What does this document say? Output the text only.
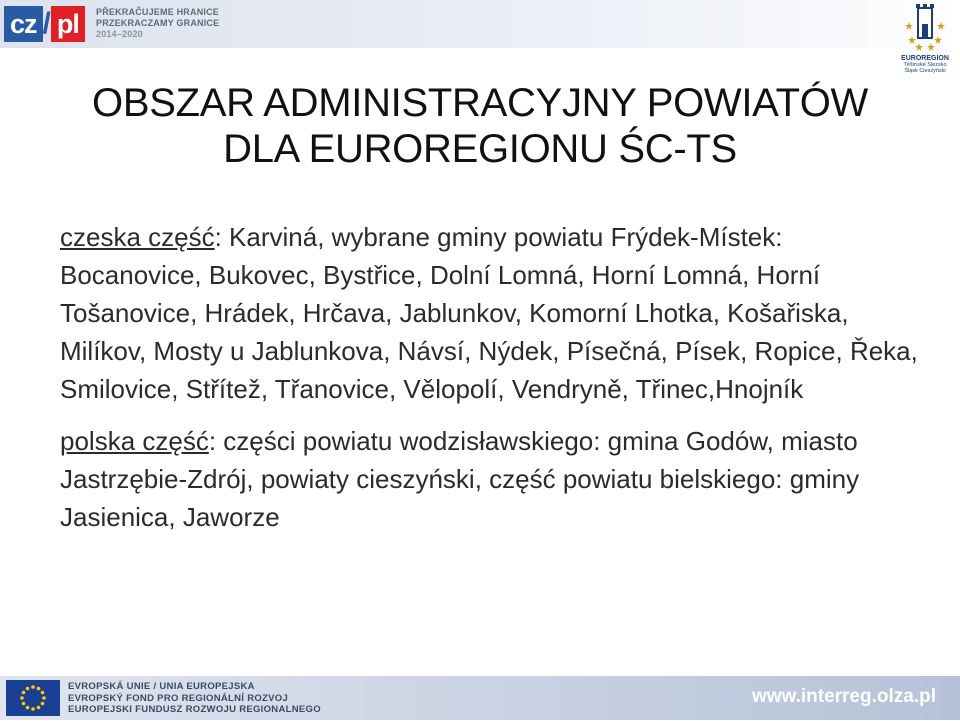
cz / pl	PŘEKRAČUJEME HRANICE
PRZEKRACZAMY GRANICE
2014–2020
EUROREGION
Těšínské Slezsko
Śląsk Cieszyński
OBSZAR ADMINISTRACYJNY POWIATÓW
DLA EUROREGIONU ŚC-TS

czeska część: Karviná, wybrane gminy powiatu Frýdek-Místek: Bocanovice, Bukovec, Bystřice, Dolní Lomná, Horní Lomná, Horní Tošanovice, Hrádek, Hrčava, Jablunkov, Komorní Lhotka, Košařiska, Milíkov, Mosty u Jablunkova, Návsí, Nýdek, Písečná, Písek, Ropice, Řeka, Smilovice, Střítež, Třanovice, Vělopolí, Vendryně, Třinec,Hnojník

polska część: części powiatu wodzisławskiego: gmina Godów, miasto Jastrzębie-Zdrój, powiaty cieszyński, część powiatu bielskiego: gminy Jasienica, Jaworze

EVROPSKÁ UNIE / UNIA EUROPEJSKA
EVROPSKÝ FOND PRO REGIONÁLNÍ ROZVOJ
EUROPEJSKI FUNDUSZ ROZWOJU REGIONALNEGO
www.interreg.olza.pl
